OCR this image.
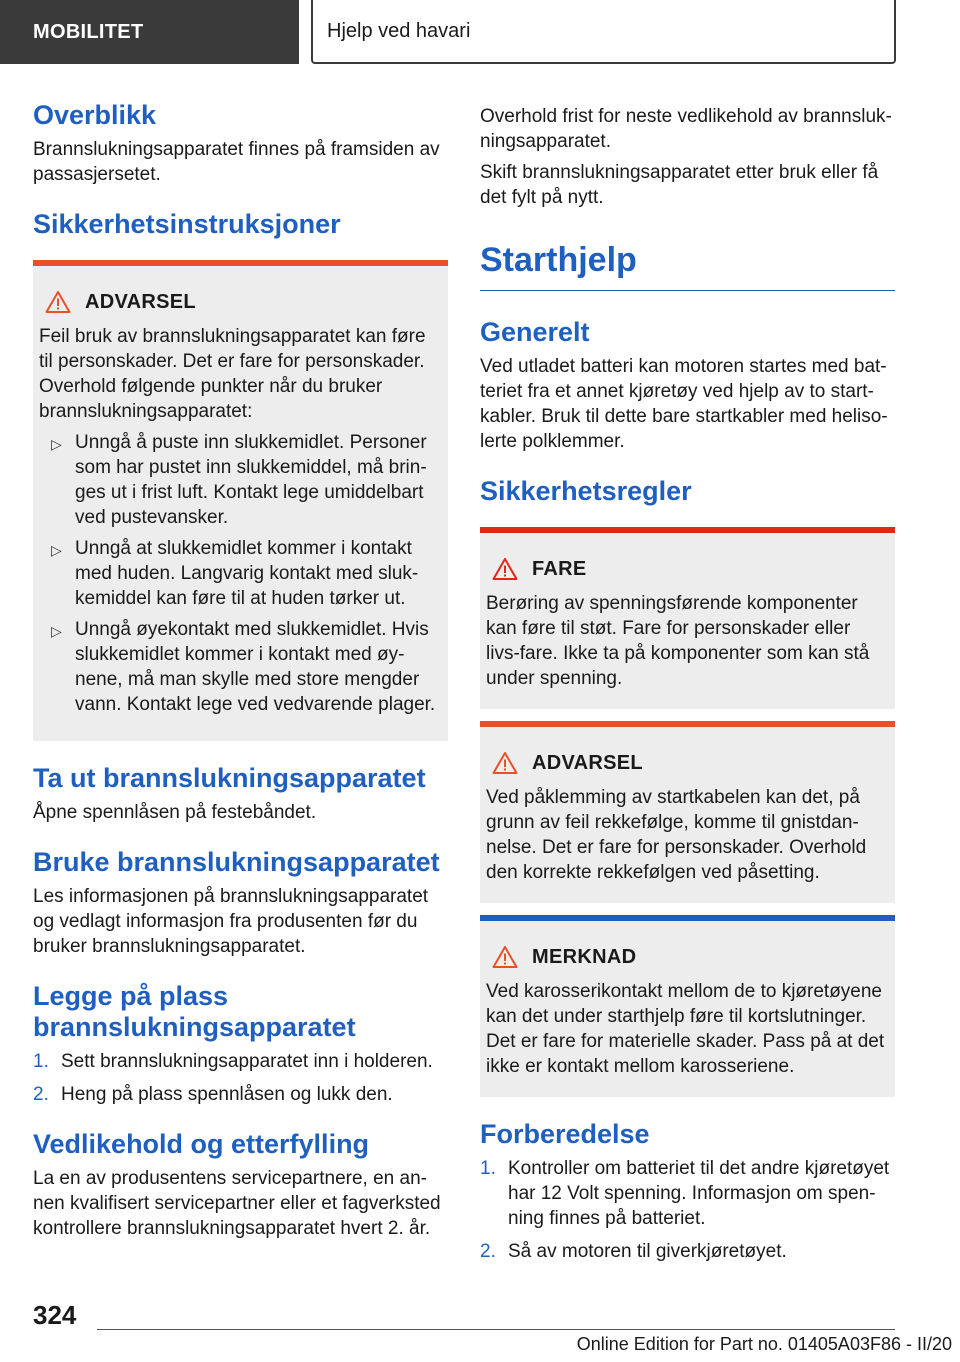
MOBILITET	Hjelp ved havari
Overblikk
Brannslukningsapparatet finnes på framsiden av passasjersetet.
Sikkerhetsinstruksjoner
ADVARSEL
Feil bruk av brannslukningsapparatet kan føre til personskader. Det er fare for personskader. Overhold følgende punkter når du bruker brannslukningsapparatet:
▷ Unngå å puste inn slukkemidlet. Personer som har pustet inn slukkemiddel, må brin-ges ut i frist luft. Kontakt lege umiddelbart ved pustevansker.
▷ Unngå at slukkemidlet kommer i kontakt med huden. Langvarig kontakt med sluk-kemiddel kan føre til at huden tørker ut.
▷ Unngå øyekontakt med slukkemidlet. Hvis slukkemidlet kommer i kontakt med øy-nene, må man skylle med store mengder vann. Kontakt lege ved vedvarende plager.
Ta ut brannslukningsapparatet
Åpne spennlåsen på festebåndet.
Bruke brannslukningsapparatet
Les informasjonen på brannslukningsapparatet og vedlagt informasjon fra produsenten før du bruker brannslukningsapparatet.
Legge på plass brannslukningsapparatet
1. Sett brannslukningsapparatet inn i holderen.
2. Heng på plass spennlåsen og lukk den.
Vedlikehold og etterfylling
La en av produsentens servicepartnere, en an-nen kvalifisert servicepartner eller et fagverksted kontrollere brannslukningsapparatet hvert 2. år.
Overhold frist for neste vedlikehold av brannsluk-ningsapparatet.
Skift brannslukningsapparatet etter bruk eller få det fylt på nytt.
Starthjelp
Generelt
Ved utladet batteri kan motoren startes med bat-teriet fra et annet kjøretøy ved hjelp av to start-kabler. Bruk til dette bare startkabler med heliso-lerte polklemmer.
Sikkerhetsregler
FARE
Berøring av spenningsførende komponenter kan føre til støt. Fare for personskader eller livs-fare. Ikke ta på komponenter som kan stå under spenning.
ADVARSEL
Ved påklemming av startkabelen kan det, på grunn av feil rekkefølge, komme til gnistdan-nelse. Det er fare for personskader. Overhold den korrekte rekkefølgen ved påsetting.
MERKNAD
Ved karosserikontakt mellom de to kjøretøyene kan det under starthjelp føre til kortslutninger. Det er fare for materielle skader. Pass på at det ikke er kontakt mellom karosseriene.
Forberedelse
1. Kontroller om batteriet til det andre kjøretøyet har 12 Volt spenning. Informasjon om spen-ning finnes på batteriet.
2. Så av motoren til giverkjøretøyet.
324
Online Edition for Part no. 01405A03F86 - II/20
